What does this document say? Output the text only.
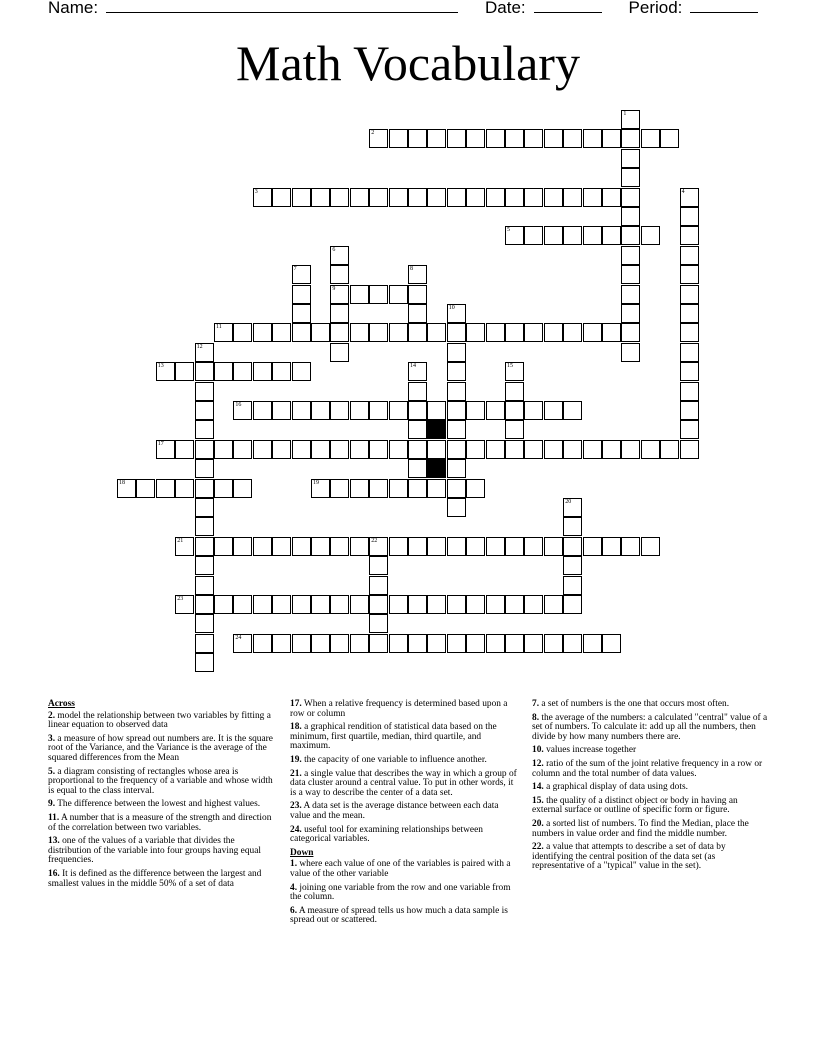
Name:	Date:	Period:
Math Vocabulary
1
2
3	4
5
6
7	8
9
10
11
12
13	14	15
16
17
18	19
20
21	22
23
24
Across
2. model the relationship between two variables by fitting a linear equation to observed data
3. a measure of how spread out numbers are. It is the square root of the Variance, and the Variance is the average of the squared differences from the Mean
5. a diagram consisting of rectangles whose area is proportional to the frequency of a variable and whose width is equal to the class interval.
9. The difference between the lowest and highest values.
11. A number that is a measure of the strength and direction of the correlation between two variables.
13. one of the values of a variable that divides the distribution of the variable into four groups having equal frequencies.
16. It is defined as the difference between the largest and smallest values in the middle 50% of a set of data
17. When a relative frequency is determined based upon a row or column
18. a graphical rendition of statistical data based on the minimum, first quartile, median, third quartile, and maximum.
19. the capacity of one variable to influence another.
21. a single value that describes the way in which a group of data cluster around a central value. To put in other words, it is a way to describe the center of a data set.
23. A data set is the average distance between each data value and the mean.
24. useful tool for examining relationships between categorical variables.
Down
1. where each value of one of the variables is paired with a value of the other variable
4. joining one variable from the row and one variable from the column.
6. A measure of spread tells us how much a data sample is spread out or scattered.
7. a set of numbers is the one that occurs most often.
8. the average of the numbers: a calculated "central" value of a set of numbers. To calculate it: add up all the numbers, then divide by how many numbers there are.
10. values increase together
12. ratio of the sum of the joint relative frequency in a row or column and the total number of data values.
14. a graphical display of data using dots.
15. the quality of a distinct object or body in having an external surface or outline of specific form or figure.
20. a sorted list of numbers. To find the Median, place the numbers in value order and find the middle number.
22. a value that attempts to describe a set of data by identifying the central position of the data set (as representative of a "typical" value in the set).
